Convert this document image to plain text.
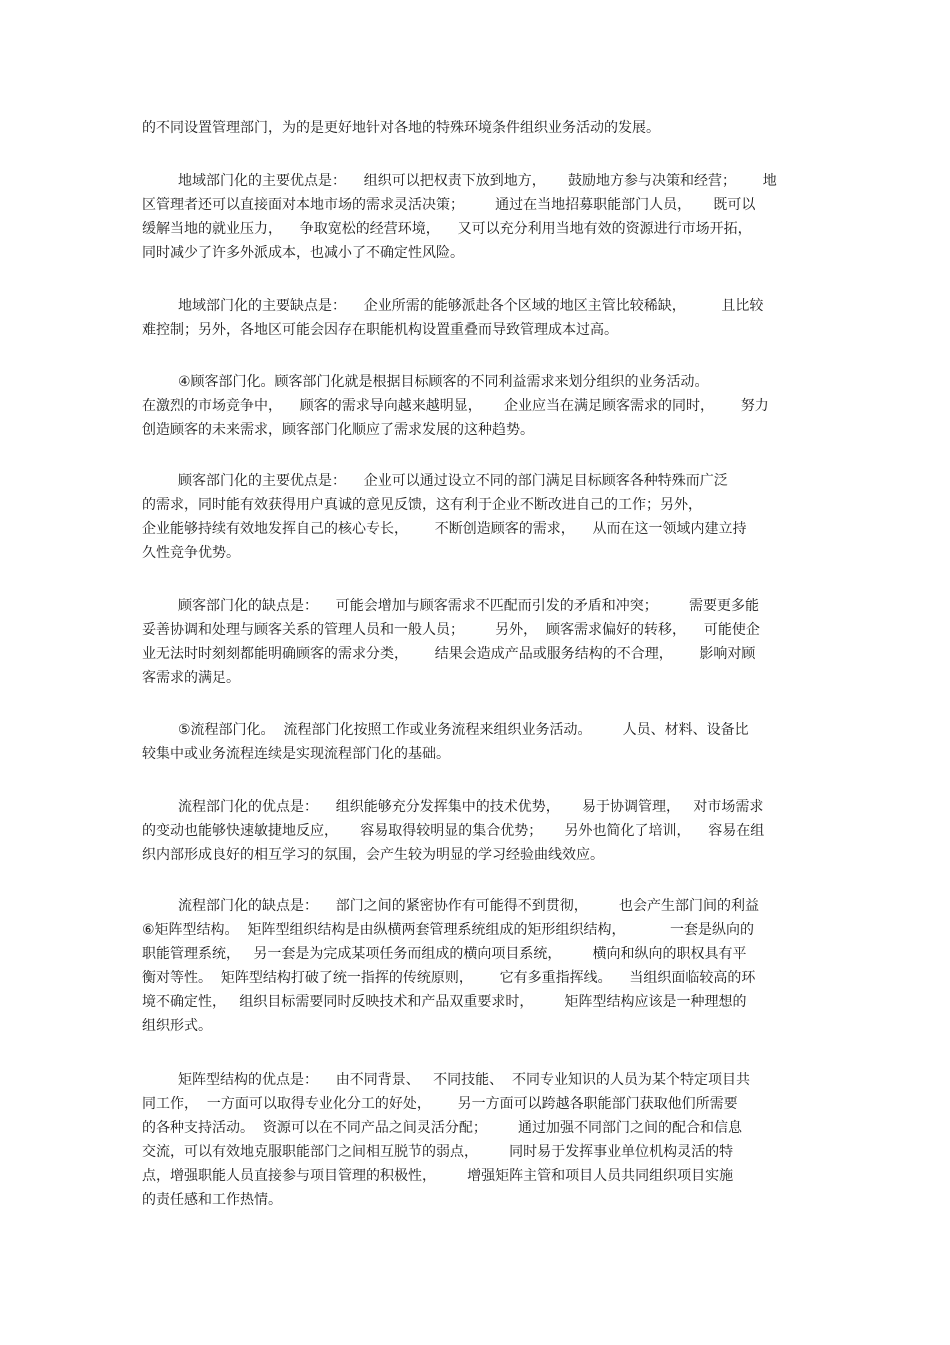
的不同设置管理部门，为的是更好地针对各地的特殊环境条件组织业务活动的发展。
地域部门化的主要优点是：    组织可以把权责下放到地方，     鼓励地方参与决策和经营；      地
区管理者还可以直接面对本地市场的需求灵活决策；       通过在当地招募职能部门人员，     既可以
缓解当地的就业压力，    争取宽松的经营环境，    又可以充分利用当地有效的资源进行市场开拓，
同时减少了许多外派成本，也减小了不确定性风险。
地域部门化的主要缺点是：    企业所需的能够派赴各个区域的地区主管比较稀缺，        且比较
难控制；另外，各地区可能会因存在职能机构设置重叠而导致管理成本过高。
④顾客部门化。顾客部门化就是根据目标顾客的不同利益需求来划分组织的业务活动。
在激烈的市场竞争中，    顾客的需求导向越来越明显，     企业应当在满足顾客需求的同时，      努力
创造顾客的未来需求，顾客部门化顺应了需求发展的这种趋势。
顾客部门化的主要优点是：    企业可以通过设立不同的部门满足目标顾客各种特殊而广泛
的需求，同时能有效获得用户真诚的意见反馈，这有利于企业不断改进自己的工作；另外，
企业能够持续有效地发挥自己的核心专长，      不断创造顾客的需求，    从而在这一领域内建立持
久性竞争优势。
顾客部门化的缺点是：    可能会增加与顾客需求不匹配而引发的矛盾和冲突；       需要更多能
妥善协调和处理与顾客关系的管理人员和一般人员；       另外，  顾客需求偏好的转移，    可能使企
业无法时时刻刻都能明确顾客的需求分类，      结果会造成产品或服务结构的不合理，      影响对顾
客需求的满足。
⑤流程部门化。  流程部门化按照工作或业务流程来组织业务活动。       人员、材料、设备比
较集中或业务流程连续是实现流程部门化的基础。
流程部门化的优点是：    组织能够充分发挥集中的技术优势，     易于协调管理，   对市场需求
的变动也能够快速敏捷地反应，     容易取得较明显的集合优势；     另外也简化了培训，    容易在组
织内部形成良好的相互学习的氛围，会产生较为明显的学习经验曲线效应。
流程部门化的缺点是：    部门之间的紧密协作有可能得不到贯彻，       也会产生部门间的利益
⑥矩阵型结构。  矩阵型组织结构是由纵横两套管理系统组成的矩形组织结构，          一套是纵向的
职能管理系统，   另一套是为完成某项任务而组成的横向项目系统，       横向和纵向的职权具有平
衡对等性。  矩阵型结构打破了统一指挥的传统原则，      它有多重指挥线。    当组织面临较高的环
境不确定性，   组织目标需要同时反映技术和产品双重要求时，       矩阵型结构应该是一种理想的
组织形式。
矩阵型结构的优点是：    由不同背景、   不同技能、  不同专业知识的人员为某个特定项目共
同工作，  一方面可以取得专业化分工的好处，      另一方面可以跨越各职能部门获取他们所需要
的各种支持活动。  资源可以在不同产品之间灵活分配；       通过加强不同部门之间的配合和信息
交流，可以有效地克服职能部门之间相互脱节的弱点，       同时易于发挥事业单位机构灵活的特
点，增强职能人员直接参与项目管理的积极性，       增强矩阵主管和项目人员共同组织项目实施
的责任感和工作热情。
